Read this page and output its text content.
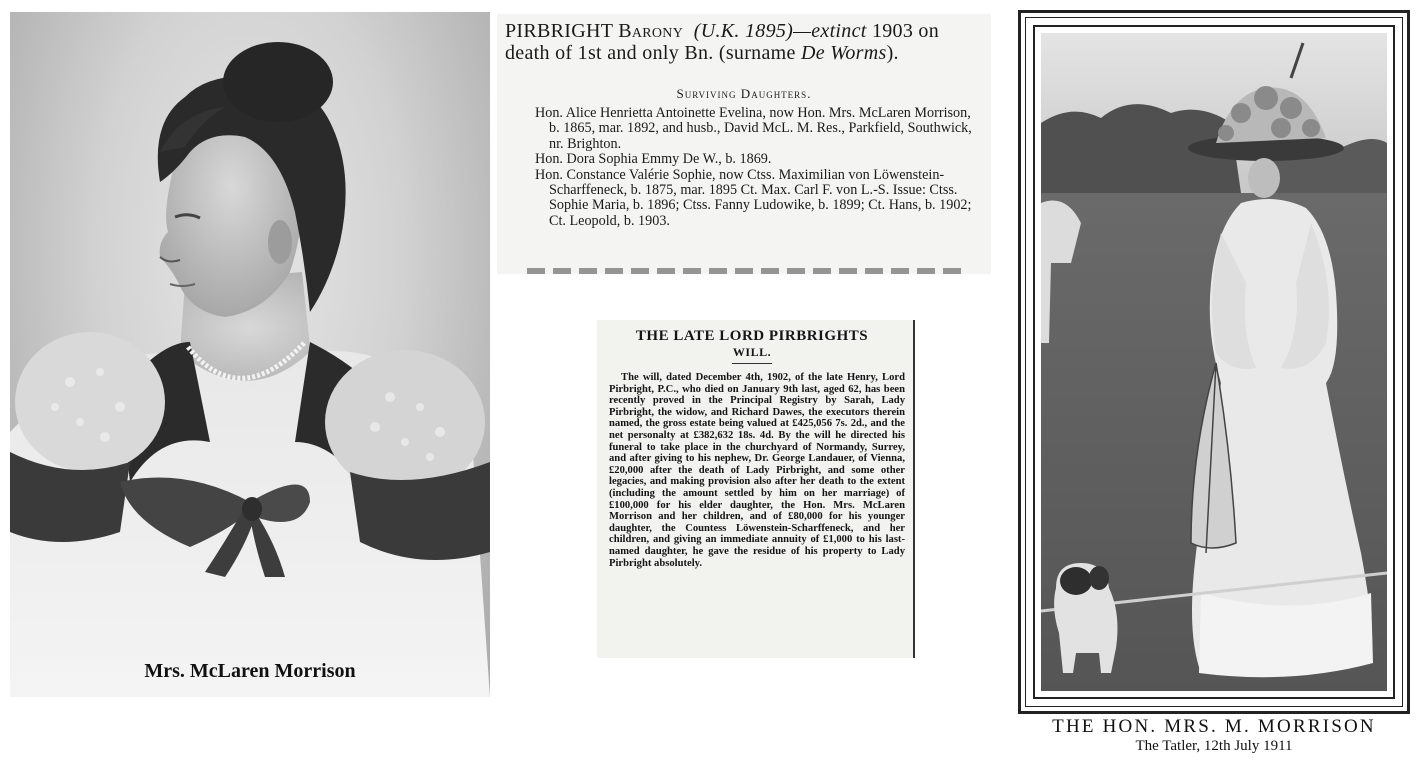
Mrs. McLaren Morrison
PIRBRIGHT Barony (U.K. 1895)—extinct 1903 on death of 1st and only Bn. (surname De Worms).
Surviving Daughters.

Hon. Alice Henrietta Antoinette Evelina, now Hon. Mrs. McLaren Morrison, b. 1865, mar. 1892, and husb., David McL. M. Res., Parkfield, Southwick, nr. Brighton.

Hon. Dora Sophia Emmy De W., b. 1869.

Hon. Constance Valérie Sophie, now Ctss. Maximilian von Löwenstein-Scharffeneck, b. 1875, mar. 1895 Ct. Max. Carl F. von L.-S. Issue: Ctss. Sophie Maria, b. 1896; Ctss. Fanny Ludowike, b. 1899; Ct. Hans, b. 1902; Ct. Leopold, b. 1903.

THE LATE LORD PIRBRIGHTS
WILL.
The will, dated December 4th, 1902, of the late Henry, Lord Pirbright, P.C., who died on January 9th last, aged 62, has been recently proved in the Principal Registry by Sarah, Lady Pirbright, the widow, and Richard Dawes, the executors therein named, the gross estate being valued at £425,056 7s. 2d., and the net personalty at £382,632 18s. 4d. By the will he directed his funeral to take place in the churchyard of Normandy, Surrey, and after giving to his nephew, Dr. George Landauer, of Vienna, £20,000 after the death of Lady Pirbright, and some other legacies, and making provision also after her death to the extent (including the amount settled by him on her marriage) of £100,000 for his elder daughter, the Hon. Mrs. McLaren Morrison and her children, and of £80,000 for his younger daughter, the Countess Löwenstein-Scharffeneck, and her children, and giving an immediate annuity of £1,000 to his last-named daughter, he gave the residue of his property to Lady Pirbright absolutely.
THE HON. MRS. M. MORRISON
The Tatler, 12th July 1911
